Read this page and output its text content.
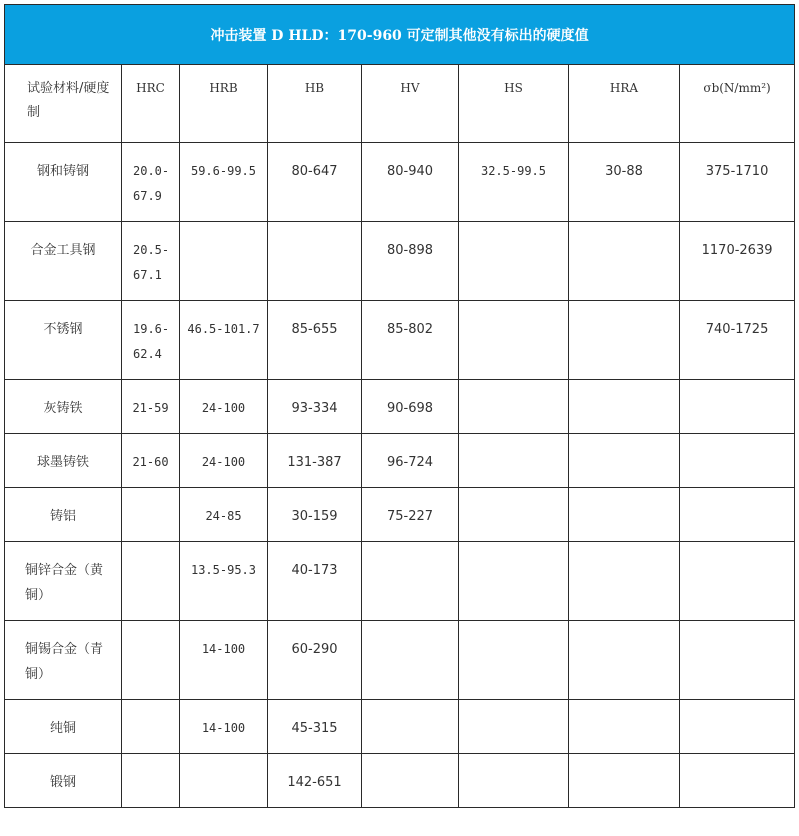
冲击装置 D HLD：170-960 可定制其他没有标出的硬度值							

试验材料/硬度制	HRC	HRB	HB	HV	HS	HRA	σb(N/mm²)

钢和铸钢	20.0-67.9	59.6-99.5	80-647	80-940	32.5-99.5	30-88	375-1710

合金工具钢	20.5-67.1			80-898			1170-2639

不锈钢	19.6-62.4	46.5-101.7	85-655	85-802			740-1725

灰铸铁	21-59	24-100	93-334	90-698			

球墨铸铁	21-60	24-100	131-387	96-724			

铸铝		24-85	30-159	75-227			

铜锌合金（黄铜）		13.5-95.3	40-173				

铜锡合金（青铜）		14-100	60-290				

纯铜		14-100	45-315				

锻钢			142-651				
